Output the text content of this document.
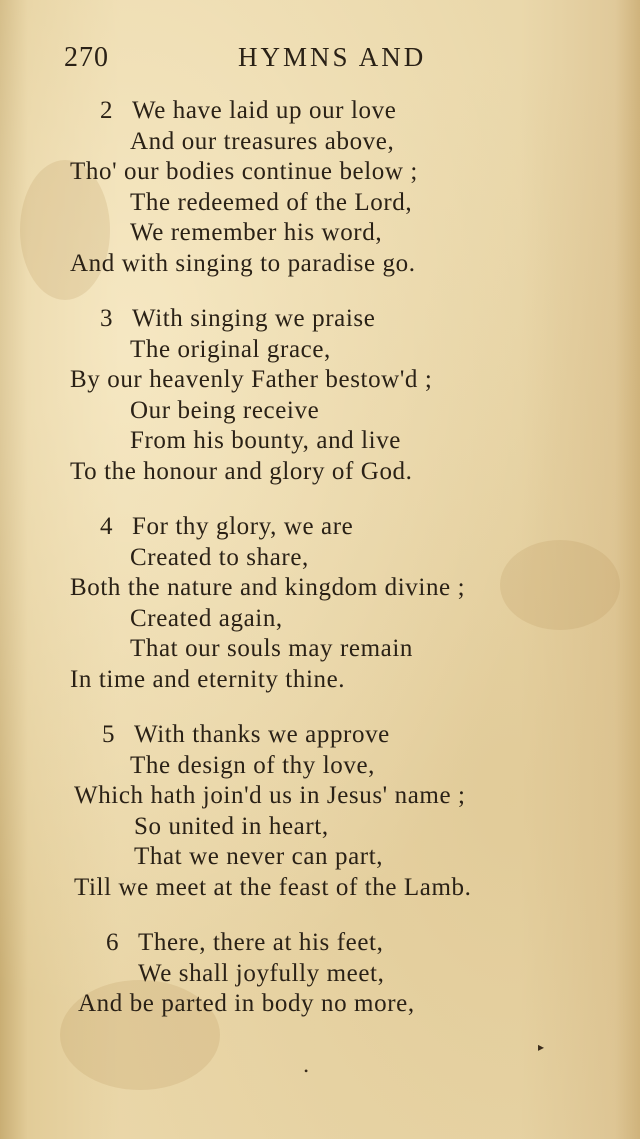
270	HYMNS AND
2 We have laid up our love
And our treasures above,
Tho' our bodies continue below ;
The redeemed of the Lord,
We remember his word,
And with singing to paradise go.
3 With singing we praise
The original grace,
By our heavenly Father bestow'd ;
Our being receive
From his bounty, and live
To the honour and glory of God.
4 For thy glory, we are
Created to share,
Both the nature and kingdom divine ;
Created again,
That our souls may remain
In time and eternity thine.
5 With thanks we approve
The design of thy love,
Which hath join'd us in Jesus' name ;
So united in heart,
That we never can part,
Till we meet at the feast of the Lamb.
6 There, there at his feet,
We shall joyfully meet,
And be parted in body no more,
▸
•
